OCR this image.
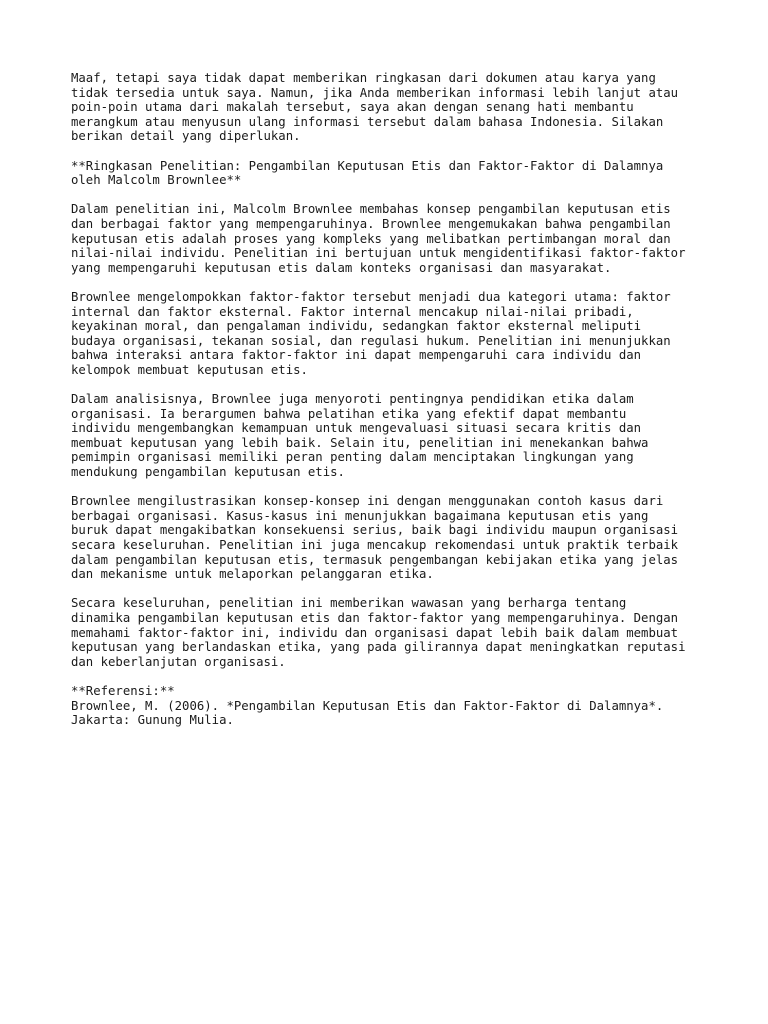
Maaf, tetapi saya tidak dapat memberikan ringkasan dari dokumen atau karya yang
tidak tersedia untuk saya. Namun, jika Anda memberikan informasi lebih lanjut atau
poin-poin utama dari makalah tersebut, saya akan dengan senang hati membantu
merangkum atau menyusun ulang informasi tersebut dalam bahasa Indonesia. Silakan
berikan detail yang diperlukan.

**Ringkasan Penelitian: Pengambilan Keputusan Etis dan Faktor-Faktor di Dalamnya
oleh Malcolm Brownlee**

Dalam penelitian ini, Malcolm Brownlee membahas konsep pengambilan keputusan etis
dan berbagai faktor yang mempengaruhinya. Brownlee mengemukakan bahwa pengambilan
keputusan etis adalah proses yang kompleks yang melibatkan pertimbangan moral dan
nilai-nilai individu. Penelitian ini bertujuan untuk mengidentifikasi faktor-faktor
yang mempengaruhi keputusan etis dalam konteks organisasi dan masyarakat.

Brownlee mengelompokkan faktor-faktor tersebut menjadi dua kategori utama: faktor
internal dan faktor eksternal. Faktor internal mencakup nilai-nilai pribadi,
keyakinan moral, dan pengalaman individu, sedangkan faktor eksternal meliputi
budaya organisasi, tekanan sosial, dan regulasi hukum. Penelitian ini menunjukkan
bahwa interaksi antara faktor-faktor ini dapat mempengaruhi cara individu dan
kelompok membuat keputusan etis.

Dalam analisisnya, Brownlee juga menyoroti pentingnya pendidikan etika dalam
organisasi. Ia berargumen bahwa pelatihan etika yang efektif dapat membantu
individu mengembangkan kemampuan untuk mengevaluasi situasi secara kritis dan
membuat keputusan yang lebih baik. Selain itu, penelitian ini menekankan bahwa
pemimpin organisasi memiliki peran penting dalam menciptakan lingkungan yang
mendukung pengambilan keputusan etis.

Brownlee mengilustrasikan konsep-konsep ini dengan menggunakan contoh kasus dari
berbagai organisasi. Kasus-kasus ini menunjukkan bagaimana keputusan etis yang
buruk dapat mengakibatkan konsekuensi serius, baik bagi individu maupun organisasi
secara keseluruhan. Penelitian ini juga mencakup rekomendasi untuk praktik terbaik
dalam pengambilan keputusan etis, termasuk pengembangan kebijakan etika yang jelas
dan mekanisme untuk melaporkan pelanggaran etika.

Secara keseluruhan, penelitian ini memberikan wawasan yang berharga tentang
dinamika pengambilan keputusan etis dan faktor-faktor yang mempengaruhinya. Dengan
memahami faktor-faktor ini, individu dan organisasi dapat lebih baik dalam membuat
keputusan yang berlandaskan etika, yang pada gilirannya dapat meningkatkan reputasi
dan keberlanjutan organisasi.

**Referensi:**
Brownlee, M. (2006). *Pengambilan Keputusan Etis dan Faktor-Faktor di Dalamnya*.
Jakarta: Gunung Mulia.
